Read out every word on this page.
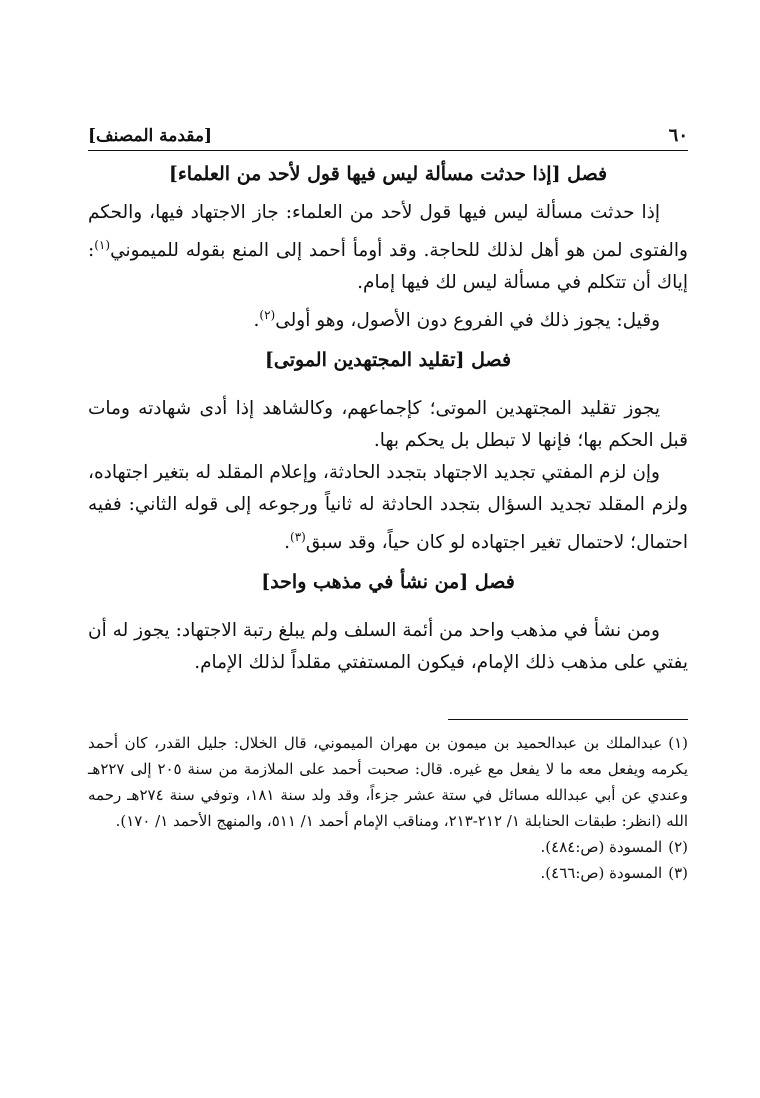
٦٠
[مقدمة المصنف]
فصل [إذا حدثت مسألة ليس فيها قول لأحد من العلماء]

إذا حدثت مسألة ليس فيها قول لأحد من العلماء: جاز الاجتهاد فيها، والحكم والفتوى لمن هو أهل لذلك للحاجة. وقد أومأ أحمد إلى المنع بقوله للميموني$^{(١)}$: إياك أن تتكلم في مسألة ليس لك فيها إمام.

وقيل: يجوز ذلك في الفروع دون الأصول، وهو أولى$^{(٢)}$.

فصل [تقليد المجتهدين الموتى]

يجوز تقليد المجتهدين الموتى؛ كإجماعهم، وكالشاهد إذا أدى شهادته ومات قبل الحكم بها؛ فإنها لا تبطل بل يحكم بها.

وإن لزم المفتي تجديد الاجتهاد بتجدد الحادثة، وإعلام المقلد له بتغير اجتهاده، ولزم المقلد تجديد السؤال بتجدد الحادثة له ثانياً ورجوعه إلى قوله الثاني: ففيه احتمال؛ لاحتمال تغير اجتهاده لو كان حياً، وقد سبق$^{(٣)}$.

فصل [من نشأ في مذهب واحد]

ومن نشأ في مذهب واحد من أئمة السلف ولم يبلغ رتبة الاجتهاد: يجوز له أن يفتي على مذهب ذلك الإمام، فيكون المستفتي مقلداً لذلك الإمام.

(١)عبدالملك بن عبدالحميد بن ميمون بن مهران الميموني، قال الخلال: جليل القدر، كان أحمد يكرمه ويفعل معه ما لا يفعل مع غيره. قال: صحبت أحمد على الملازمة من سنة ٢٠٥ إلى ٢٢٧هـ وعندي عن أبي عبدالله مسائل في ستة عشر جزءاً، وقد ولد سنة ١٨١، وتوفي سنة ٢٧٤هـ رحمه الله (انظر: طبقات الحنابلة ١/ ٢١٢-٢١٣، ومناقب الإمام أحمد ١/ ٥١١، والمنهج الأحمد ١/ ١٧٠).

(٢)المسودة (ص:٤٨٤).

(٣)المسودة (ص:٤٦٦).
